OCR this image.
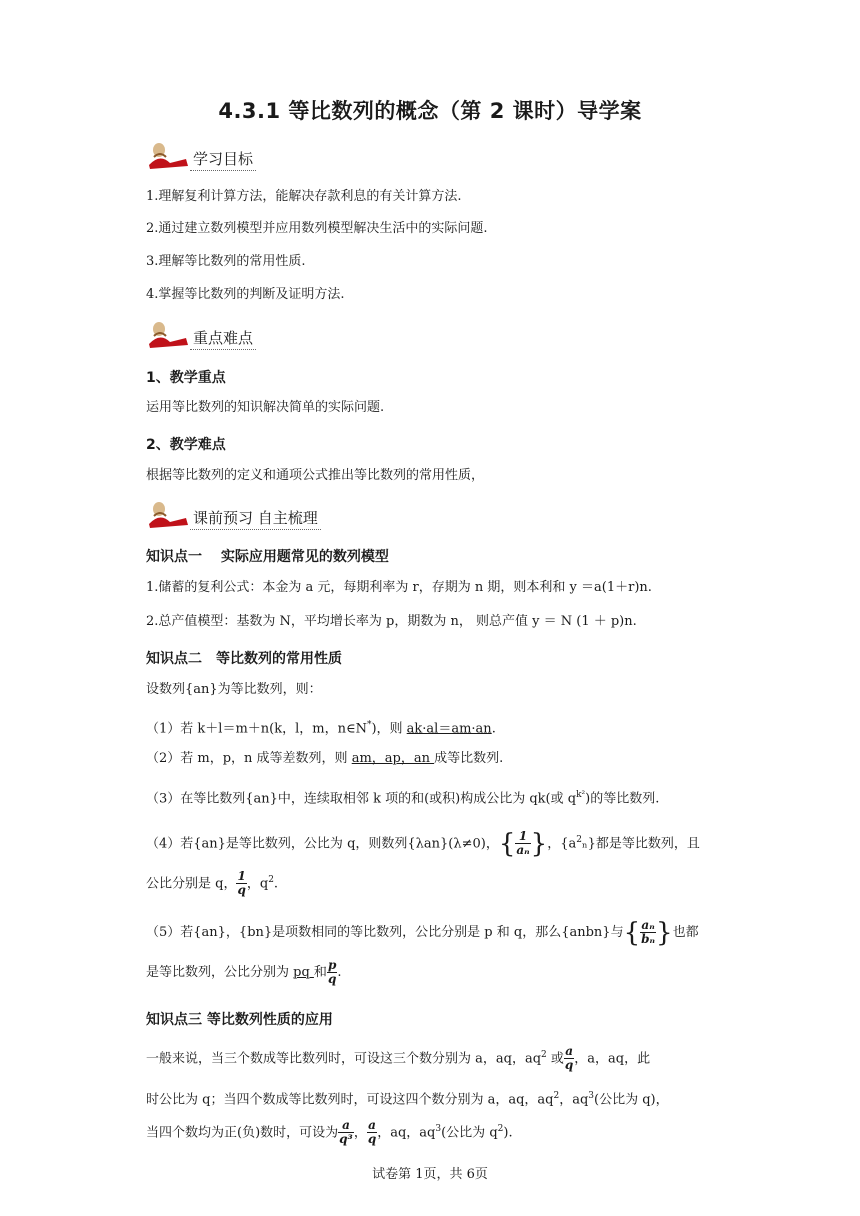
4.3.1 等比数列的概念（第 2 课时）导学案
学习目标
1.理解复利计算方法，能解决存款利息的有关计算方法.
2.通过建立数列模型并应用数列模型解决生活中的实际问题.
3.理解等比数列的常用性质.
4.掌握等比数列的判断及证明方法.
重点难点
1、教学重点
运用等比数列的知识解决简单的实际问题.
2、教学难点
根据等比数列的定义和通项公式推出等比数列的常用性质，
课前预习 自主梳理
知识点一　 实际应用题常见的数列模型
1.储蓄的复利公式：本金为 a 元，每期利率为 r，存期为 n 期，则本利和 y ＝a(1＋r)n.
2.总产值模型：基数为 N，平均增长率为 p，期数为 n， 则总产值 y ＝ N (1 ＋ p)n.
知识点二　等比数列的常用性质
设数列{an}为等比数列，则：
（1）若 k＋l＝m＋n(k，l，m，n∈N*)，则 ak·al＝am·an.
（2）若 m，p，n 成等差数列，则 am，ap，an 成等比数列.
（3）在等比数列{an}中，连续取相邻 k 项的和(或积)构成公比为 qk(或 $q^{k^2}$)的等比数列.
（4）若{an}是等比数列，公比为 q，则数列{λan}(λ≠0)，{ $\frac{1}{\text{aₙ}}$ }，$\{a^2_n\}$都是等比数列，且
公比分别是 q， $\frac{1}{q}$ ，$q^2$.
（5）若{an}，{bn}是项数相同的等比数列，公比分别是 p 和 q，那么{anbn}与{ $\frac{\text{aₙ}}{\text{bₙ}}$ }也都
是等比数列，公比分别为 pq 和 $\frac{p}{q}$ .
知识点三 等比数列性质的应用
一般来说，当三个数成等比数列时，可设这三个数分别为 a，aq，$aq^2$ 或 $\frac{a}{q}$ ，a，aq，此
时公比为 q；当四个数成等比数列时，可设这四个数分别为 a，aq，$aq^2$，$aq^3$(公比为 q)，
当四个数均为正(负)数时，可设为 $\frac{a}{\text{q³}}$ ， $\frac{a}{q}$ ，aq，$aq^3$(公比为 $q^2$).
试卷第 1页，共 6页
